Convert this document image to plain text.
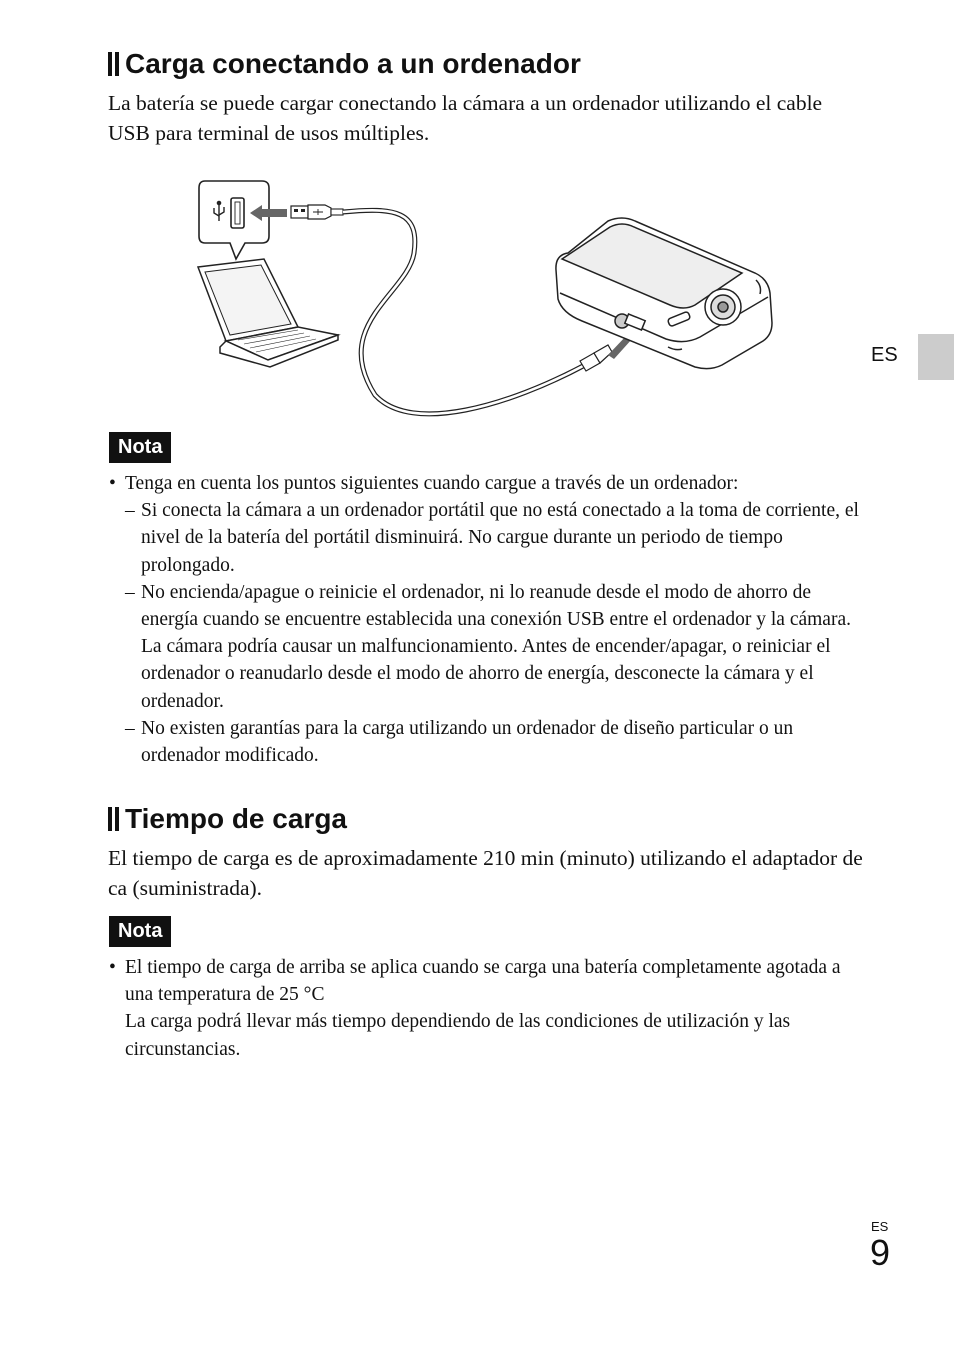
Carga conectando a un ordenador
La batería se puede cargar conectando la cámara a un ordenador utilizando el cable USB para terminal de usos múltiples.
Nota
• Tenga en cuenta los puntos siguientes cuando cargue a través de un ordenador:
– Si conecta la cámara a un ordenador portátil que no está conectado a la toma de corriente, el nivel de la batería del portátil disminuirá. No cargue durante un periodo de tiempo prolongado.
– No encienda/apague o reinicie el ordenador, ni lo reanude desde el modo de ahorro de energía cuando se encuentre establecida una conexión USB entre el ordenador y la cámara. La cámara podría causar un malfuncionamiento. Antes de encender/apagar, o reiniciar el ordenador o reanudarlo desde el modo de ahorro de energía, desconecte la cámara y el ordenador.
– No existen garantías para la carga utilizando un ordenador de diseño particular o un ordenador modificado.
Tiempo de carga
El tiempo de carga es de aproximadamente 210 min (minuto) utilizando el adaptador de ca (suministrada).
Nota
• El tiempo de carga de arriba se aplica cuando se carga una batería completamente agotada a una temperatura de 25 °C
La carga podrá llevar más tiempo dependiendo de las condiciones de utilización y las circunstancias.
ES
ES
9
